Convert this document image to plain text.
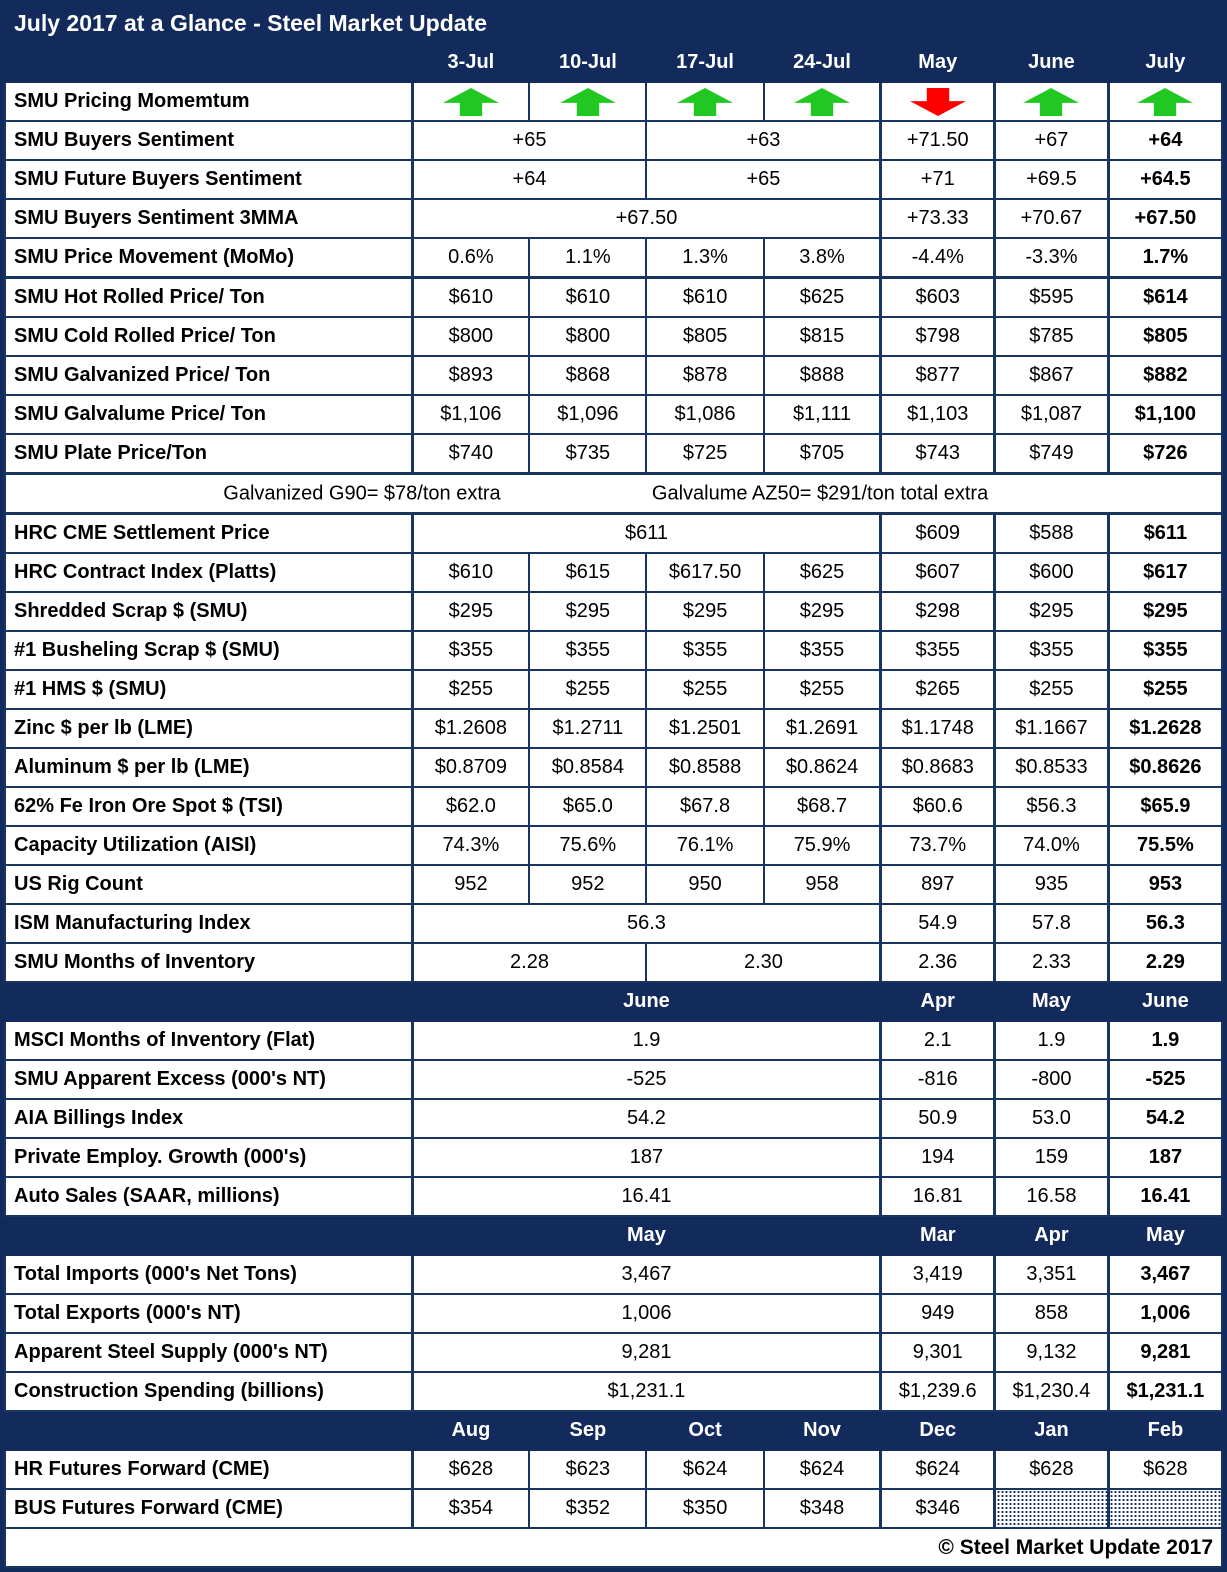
July 2017 at a Glance - Steel Market Update
	3-Jul	10-Jul	17-Jul	24-Jul	May	June	July
SMU Pricing Momemtum	

SMU Buyers Sentiment	+65		+63		+71.50	+67	+64
SMU Future Buyers Sentiment	+64		+65		+71	+69.5	+64.5
SMU Buyers Sentiment 3MMA	+67.50				+73.33	+70.67	+67.50
SMU Price Movement (MoMo)	0.6%	1.1%	1.3%	3.8%	-4.4%	-3.3%	1.7%
SMU Hot Rolled Price/ Ton	$610	$610	$610	$625	$603	$595	$614
SMU Cold Rolled Price/ Ton	$800	$800	$805	$815	$798	$785	$805
SMU Galvanized Price/ Ton	$893	$868	$878	$888	$877	$867	$882
SMU Galvalume Price/ Ton	$1,106	$1,096	$1,086	$1,111	$1,103	$1,087	$1,100
SMU Plate Price/Ton	$740	$735	$725	$705	$743	$749	$726

Galvanized G90= $78/ton extra Galvalume AZ50= $291/ton total extra							

HRC CME Settlement Price	$611				$609	$588	$611
HRC Contract Index (Platts)	$610	$615	$617.50	$625	$607	$600	$617
Shredded Scrap $ (SMU)	$295	$295	$295	$295	$298	$295	$295
#1 Busheling Scrap $ (SMU)	$355	$355	$355	$355	$355	$355	$355
#1 HMS $ (SMU)	$255	$255	$255	$255	$265	$255	$255
Zinc $ per lb (LME)	$1.2608	$1.2711	$1.2501	$1.2691	$1.1748	$1.1667	$1.2628
Aluminum $ per lb (LME)	$0.8709	$0.8584	$0.8588	$0.8624	$0.8683	$0.8533	$0.8626
62% Fe Iron Ore Spot $ (TSI)	$62.0	$65.0	$67.8	$68.7	$60.6	$56.3	$65.9
Capacity Utilization (AISI)	74.3%	75.6%	76.1%	75.9%	73.7%	74.0%	75.5%
US Rig Count	952	952	950	958	897	935	953
ISM Manufacturing Index	56.3				54.9	57.8	56.3
SMU Months of Inventory	2.28		2.30		2.36	2.33	2.29
	June				Apr	May	June
MSCI Months of Inventory (Flat)	1.9				2.1	1.9	1.9
SMU Apparent Excess (000's NT)	-525				-816	-800	-525
AIA Billings Index	54.2				50.9	53.0	54.2
Private Employ. Growth (000's)	187				194	159	187
Auto Sales (SAAR, millions)	16.41				16.81	16.58	16.41
	May				Mar	Apr	May
Total Imports (000's Net Tons)	3,467				3,419	3,351	3,467
Total Exports (000's NT)	1,006				949	858	1,006
Apparent Steel Supply (000's NT)	9,281				9,301	9,132	9,281
Construction Spending (billions)	$1,231.1				$1,239.6	$1,230.4	$1,231.1
	Aug	Sep	Oct	Nov	Dec	Jan	Feb
HR Futures Forward (CME)	$628	$623	$624	$624	$624	$628	$628
BUS Futures Forward (CME)	$354	$352	$350	$348	$346		
© Steel Market Update 2017							
